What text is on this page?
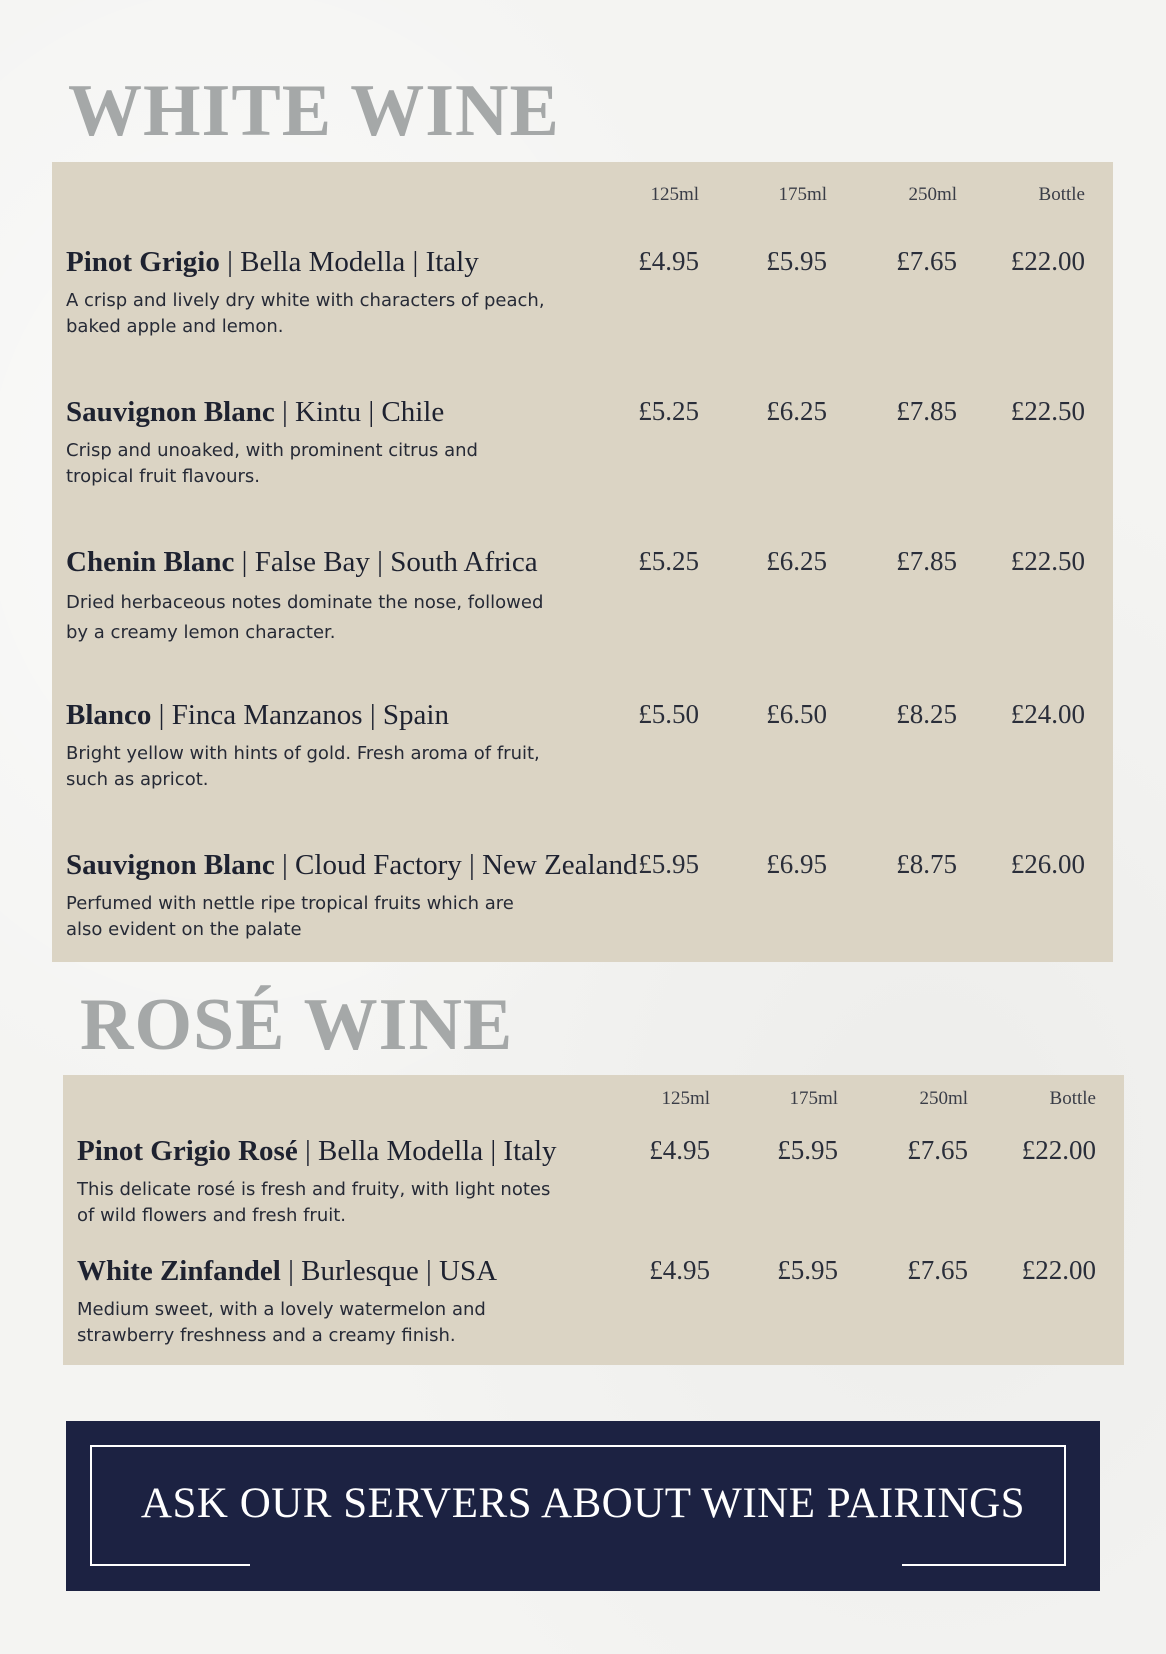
WHITE WINE
125ml	175ml	250ml	Bottle
Pinot Grigio | Bella Modella | Italy
A crisp and lively dry white with characters of peach, baked apple and lemon.
£4.95	£5.95	£7.65	£22.00
Sauvignon Blanc | Kintu | Chile
Crisp and unoaked, with prominent citrus and tropical fruit flavours.
£5.25	£6.25	£7.85	£22.50
Chenin Blanc | False Bay | South Africa
Dried herbaceous notes dominate the nose, followed by a creamy lemon character.
£5.25	£6.25	£7.85	£22.50
Blanco | Finca Manzanos | Spain
Bright yellow with hints of gold. Fresh aroma of fruit, such as apricot.
£5.50	£6.50	£8.25	£24.00
Sauvignon Blanc | Cloud Factory | New Zealand
Perfumed with nettle ripe tropical fruits which are also evident on the palate
£5.95	£6.95	£8.75	£26.00
ROSÉ WINE
125ml	175ml	250ml	Bottle
Pinot Grigio Rosé | Bella Modella | Italy
This delicate rosé is fresh and fruity, with light notes of wild flowers and fresh fruit.
£4.95	£5.95	£7.65	£22.00
White Zinfandel | Burlesque | USA
Medium sweet, with a lovely watermelon and strawberry freshness and a creamy finish.
£4.95	£5.95	£7.65	£22.00
ASK OUR SERVERS ABOUT WINE PAIRINGS
